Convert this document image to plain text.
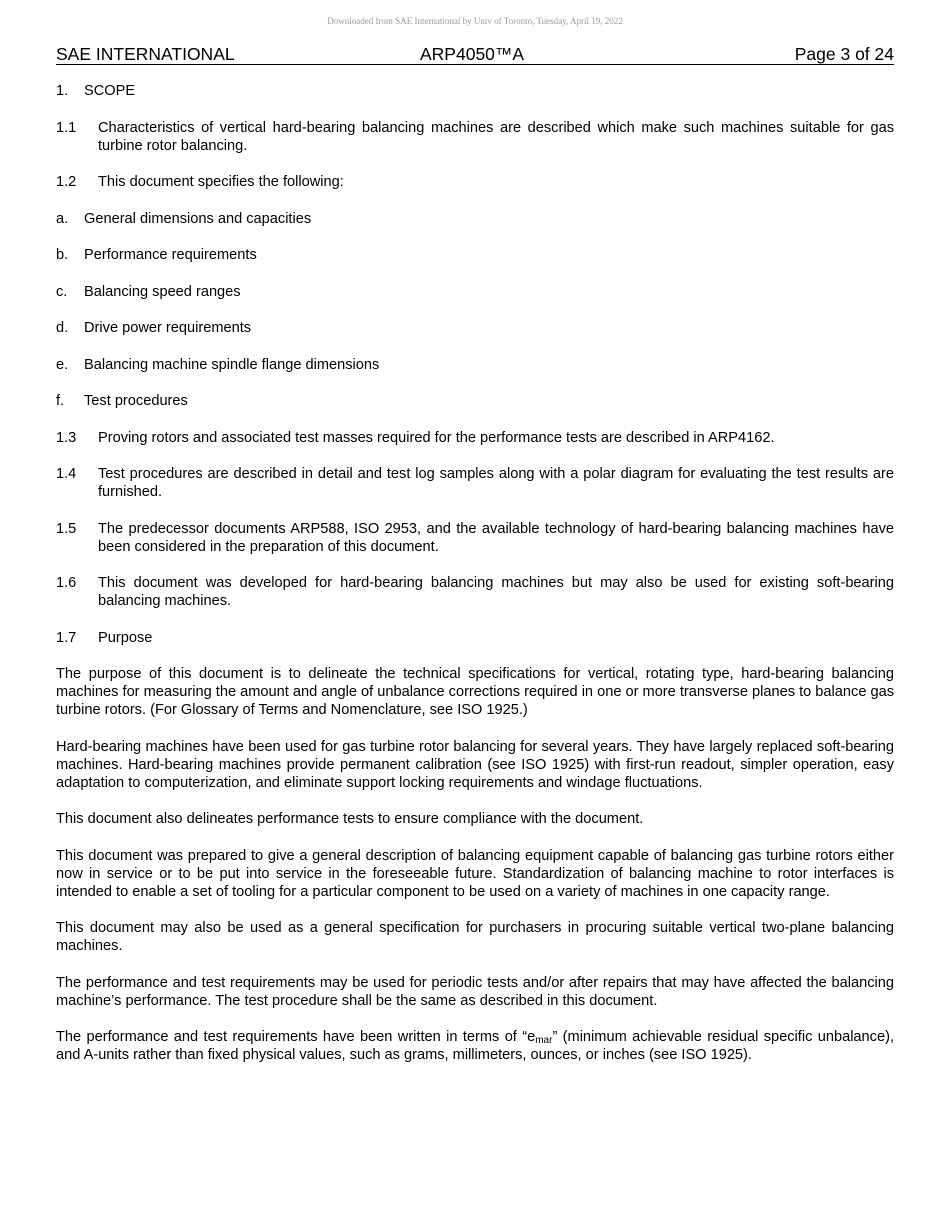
Downloaded from SAE International by Univ of Toronto, Tuesday, April 19, 2022
SAE INTERNATIONAL	ARP4050™A	Page 3 of 24

1. SCOPE

1.1 Characteristics of vertical hard-bearing balancing machines are described which make such machines suitable for gas turbine rotor balancing.

1.2 This document specifies the following:

a. General dimensions and capacities

b. Performance requirements

c. Balancing speed ranges

d. Drive power requirements

e. Balancing machine spindle flange dimensions

f. Test procedures

1.3 Proving rotors and associated test masses required for the performance tests are described in ARP4162.

1.4 Test procedures are described in detail and test log samples along with a polar diagram for evaluating the test results are furnished.

1.5 The predecessor documents ARP588, ISO 2953, and the available technology of hard-bearing balancing machines have been considered in the preparation of this document.

1.6 This document was developed for hard-bearing balancing machines but may also be used for existing soft-bearing balancing machines.

1.7 Purpose

The purpose of this document is to delineate the technical specifications for vertical, rotating type, hard-bearing balancing machines for measuring the amount and angle of unbalance corrections required in one or more transverse planes to balance gas turbine rotors. (For Glossary of Terms and Nomenclature, see ISO 1925.)

Hard-bearing machines have been used for gas turbine rotor balancing for several years. They have largely replaced soft-bearing machines. Hard-bearing machines provide permanent calibration (see ISO 1925) with first-run readout, simpler operation, easy adaptation to computerization, and eliminate support locking requirements and windage fluctuations.

This document also delineates performance tests to ensure compliance with the document.

This document was prepared to give a general description of balancing equipment capable of balancing gas turbine rotors either now in service or to be put into service in the foreseeable future. Standardization of balancing machine to rotor interfaces is intended to enable a set of tooling for a particular component to be used on a variety of machines in one capacity range.

This document may also be used as a general specification for purchasers in procuring suitable vertical two-plane balancing machines.

The performance and test requirements may be used for periodic tests and/or after repairs that may have affected the balancing machine’s performance. The test procedure shall be the same as described in this document.

The performance and test requirements have been written in terms of “$e_{mar}$” (minimum achievable residual specific unbalance), and A-units rather than fixed physical values, such as grams, millimeters, ounces, or inches (see ISO 1925).
